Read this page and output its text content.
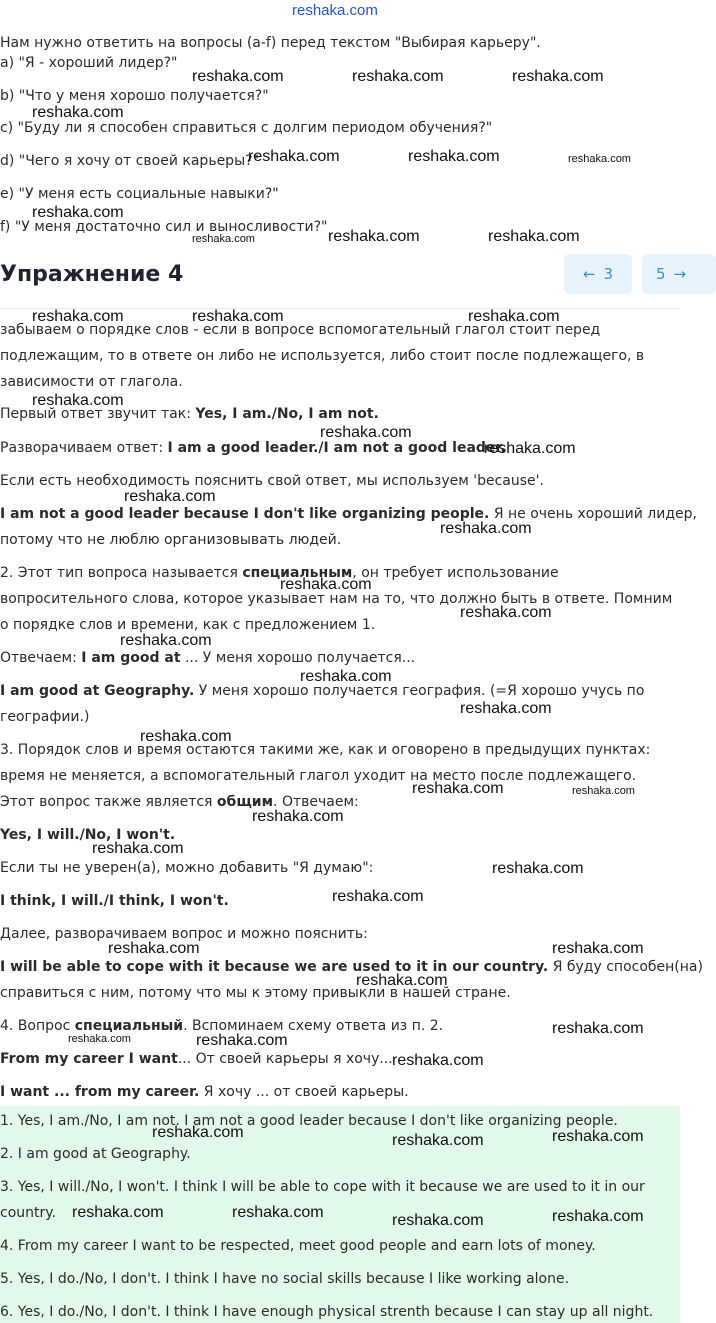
reshaka.com
Нам нужно ответить на вопросы (a-f) перед текстом "Выбирая карьеру".
a) "Я - хороший лидер?"
b) "Что у меня хорошо получается?"
c) "Буду ли я способен справиться с долгим периодом обучения?"
d) "Чего я хочу от своей карьеры?"
e) "У меня есть социальные навыки?"
f) "У меня достаточно сил и выносливости?"
Упражнение 4	← 3	5 →
забываем о порядке слов - если в вопросе вспомогательный глагол стоит перед
подлежащим, то в ответе он либо не используется, либо стоит после подлежащего, в
зависимости от глагола.
Первый ответ звучит так: Yes, I am./No, I am not.
Разворачиваем ответ: I am a good leader./I am not a good leader.
Если есть необходимость пояснить свой ответ, мы используем 'because'.
I am not a good leader because I don't like organizing people. Я не очень хороший лидер,
потому что не люблю организовывать людей.
2. Этот тип вопроса называется специальным, он требует использование
вопросительного слова, которое указывает нам на то, что должно быть в ответе. Помним
о порядке слов и времени, как с предложением 1.
Отвечаем: I am good at ... У меня хорошо получается...
I am good at Geography. У меня хорошо получается география. (=Я хорошо учусь по
географии.)
3. Порядок слов и время остаются такими же, как и оговорено в предыдущих пунктах:
время не меняется, а вспомогательный глагол уходит на место после подлежащего.
Этот вопрос также является общим. Отвечаем:
Yes, I will./No, I won't.
Если ты не уверен(а), можно добавить "Я думаю":
I think, I will./I think, I won't.
Далее, разворачиваем вопрос и можно пояснить:
I will be able to cope with it because we are used to it in our country. Я буду способен(на)
справиться с ним, потому что мы к этому привыкли в нашей стране.
4. Вопрос специальный. Вспоминаем схему ответа из п. 2.
From my career I want... От своей карьеры я хочу...
I want ... from my career. Я хочу ... от своей карьеры.
1. Yes, I am./No, I am not. I am not a good leader because I don't like organizing people.
2. I am good at Geography.
3. Yes, I will./No, I won't. I think I will be able to cope with it because we are used to it in our
country.
4. From my career I want to be respected, meet good people and earn lots of money.
5. Yes, I do./No, I don't. I think I have no social skills because I like working alone.
6. Yes, I do./No, I don't. I think I have enough physical strenth because I can stay up all night.
reshaka.com	reshaka.com	reshaka.com
reshaka.com
reshaka.com	reshaka.com	reshaka.com
reshaka.com
reshaka.com	reshaka.com	reshaka.com
reshaka.com	reshaka.com	reshaka.com
reshaka.com
reshaka.com
reshaka.com
reshaka.com
reshaka.com
reshaka.com
reshaka.com
reshaka.com
reshaka.com
reshaka.com
reshaka.com
reshaka.com	reshaka.com
reshaka.com
reshaka.com
reshaka.com
reshaka.com
reshaka.com	reshaka.com
reshaka.com
reshaka.com
reshaka.com	reshaka.com
reshaka.com
reshaka.com	reshaka.com	reshaka.com
reshaka.com	reshaka.com	reshaka.com	reshaka.com
